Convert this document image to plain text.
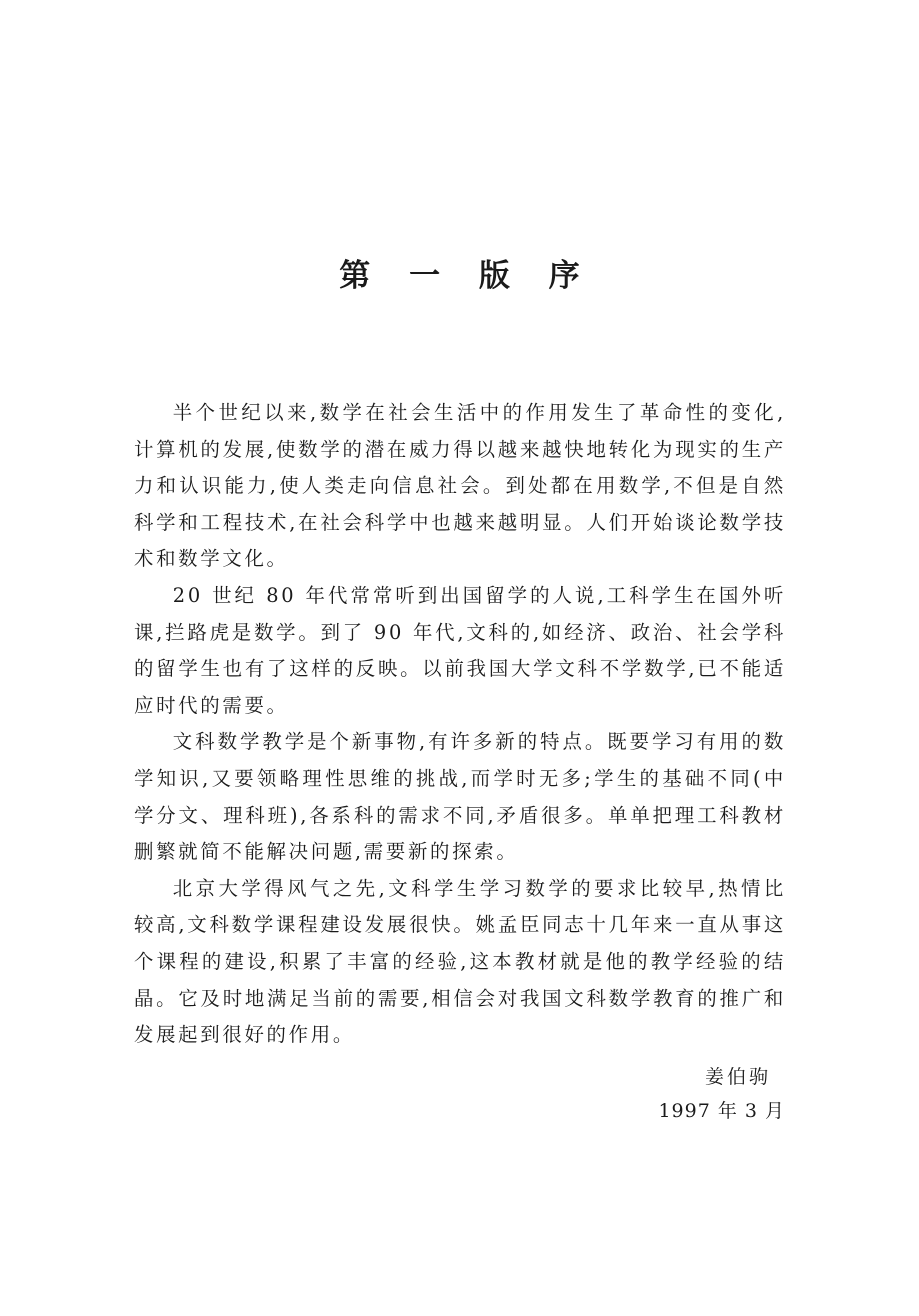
第 一 版 序

半个世纪以来,数学在社会生活中的作用发生了革命性的变化,计算机的发展,使数学的潜在威力得以越来越快地转化为现实的生产力和认识能力,使人类走向信息社会。到处都在用数学,不但是自然科学和工程技术,在社会科学中也越来越明显。人们开始谈论数学技术和数学文化。

20 世纪 80 年代常常听到出国留学的人说,工科学生在国外听课,拦路虎是数学。到了 90 年代,文科的,如经济、政治、社会学科的留学生也有了这样的反映。以前我国大学文科不学数学,已不能适应时代的需要。

文科数学教学是个新事物,有许多新的特点。既要学习有用的数学知识,又要领略理性思维的挑战,而学时无多;学生的基础不同(中学分文、理科班),各系科的需求不同,矛盾很多。单单把理工科教材删繁就简不能解决问题,需要新的探索。

北京大学得风气之先,文科学生学习数学的要求比较早,热情比较高,文科数学课程建设发展很快。姚孟臣同志十几年来一直从事这个课程的建设,积累了丰富的经验,这本教材就是他的教学经验的结晶。它及时地满足当前的需要,相信会对我国文科数学教育的推广和发展起到很好的作用。

姜伯驹
1997 年 3 月
